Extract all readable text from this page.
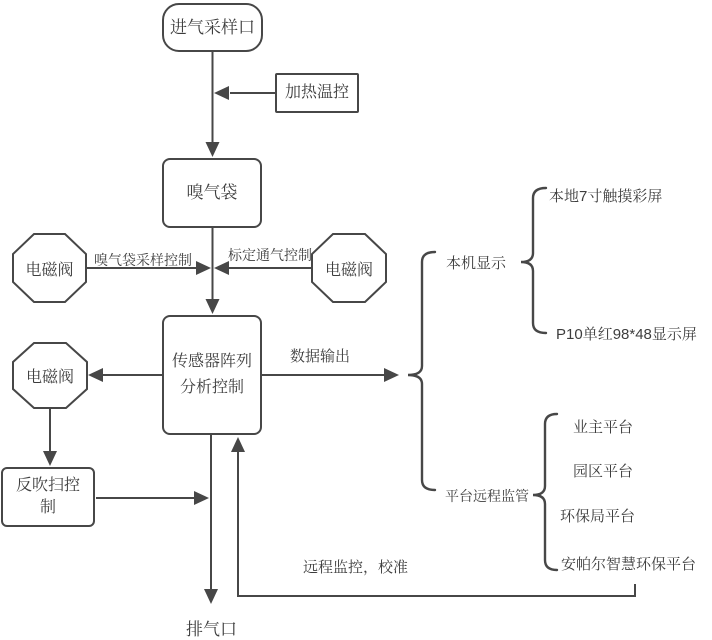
进气采样口
加热温控
嗅气袋
传感器阵列分析控制
反吹扫控制
电磁阀	电磁阀
电磁阀
嗅气袋采样控制	标定通气控制
数据输出
远程监控，校准
排气口
本机显示
本地7寸触摸彩屏
P10单红98*48显示屏
平台远程监管
业主平台
园区平台
环保局平台
安帕尔智慧环保平台
